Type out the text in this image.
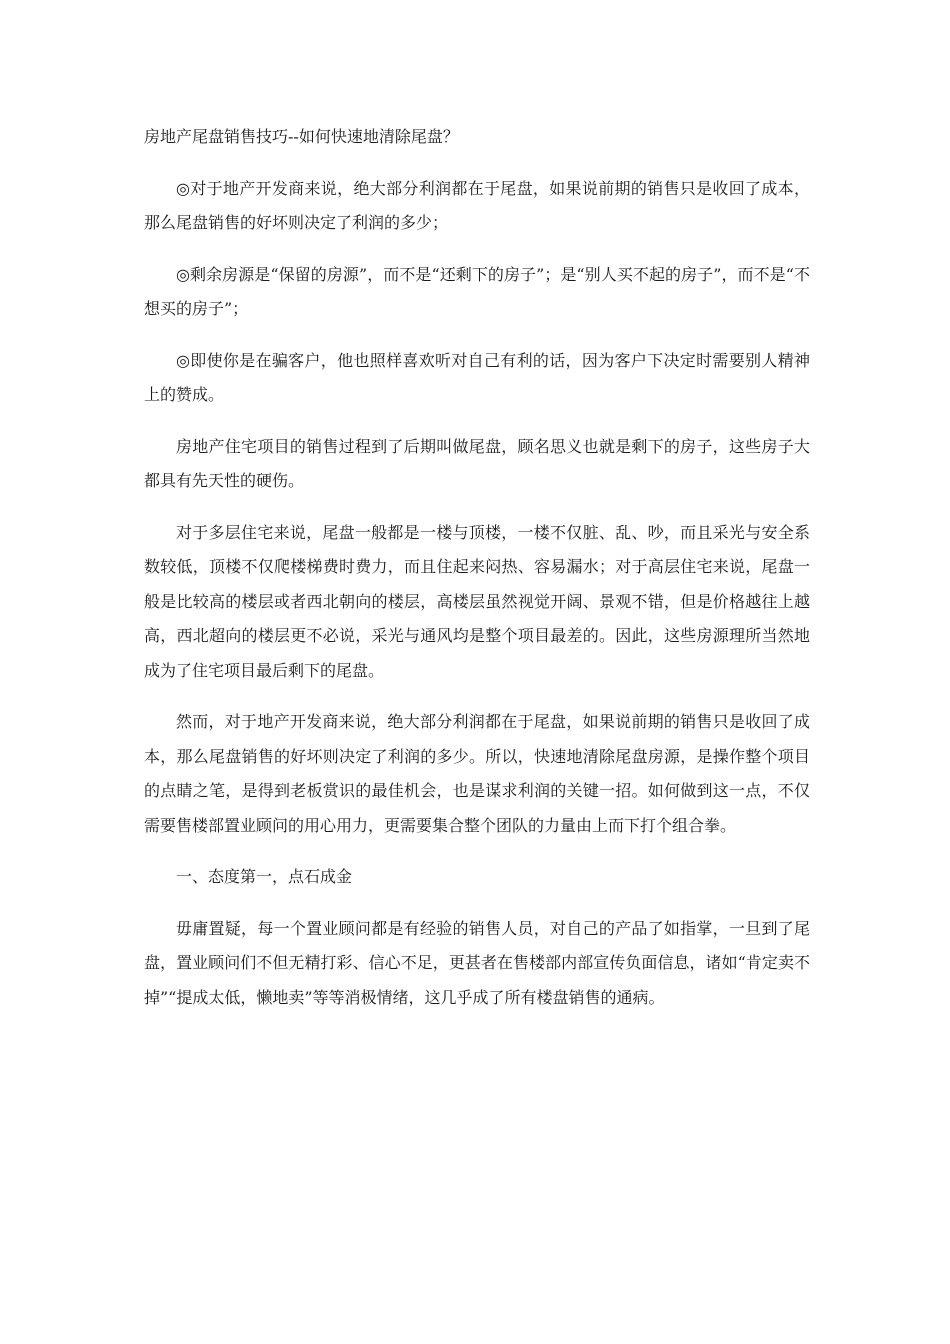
房地产尾盘销售技巧--如何快速地清除尾盘？

◎对于地产开发商来说，绝大部分利润都在于尾盘，如果说前期的销售只是收回了成本，那么尾盘销售的好坏则决定了利润的多少；

◎剩余房源是“保留的房源”，而不是“还剩下的房子”；是“别人买不起的房子”，而不是“不想买的房子”；

◎即使你是在骗客户，他也照样喜欢听对自己有利的话，因为客户下决定时需要别人精神上的赞成。

房地产住宅项目的销售过程到了后期叫做尾盘，顾名思义也就是剩下的房子，这些房子大都具有先天性的硬伤。

对于多层住宅来说，尾盘一般都是一楼与顶楼，一楼不仅脏、乱、吵，而且采光与安全系数较低，顶楼不仅爬楼梯费时费力，而且住起来闷热、容易漏水；对于高层住宅来说，尾盘一般是比较高的楼层或者西北朝向的楼层，高楼层虽然视觉开阔、景观不错，但是价格越往上越高，西北超向的楼层更不必说，采光与通风均是整个项目最差的。因此，这些房源理所当然地成为了住宅项目最后剩下的尾盘。

然而，对于地产开发商来说，绝大部分利润都在于尾盘，如果说前期的销售只是收回了成本，那么尾盘销售的好坏则决定了利润的多少。所以，快速地清除尾盘房源，是操作整个项目的点睛之笔，是得到老板赏识的最佳机会，也是谋求利润的关键一招。如何做到这一点，不仅需要售楼部置业顾问的用心用力，更需要集合整个团队的力量由上而下打个组合拳。

一、态度第一，点石成金

毋庸置疑，每一个置业顾问都是有经验的销售人员，对自己的产品了如指掌，一旦到了尾盘，置业顾问们不但无精打彩、信心不足，更甚者在售楼部内部宣传负面信息，诸如“肯定卖不掉”“提成太低，懒地卖”等等消极情绪，这几乎成了所有楼盘销售的通病。
